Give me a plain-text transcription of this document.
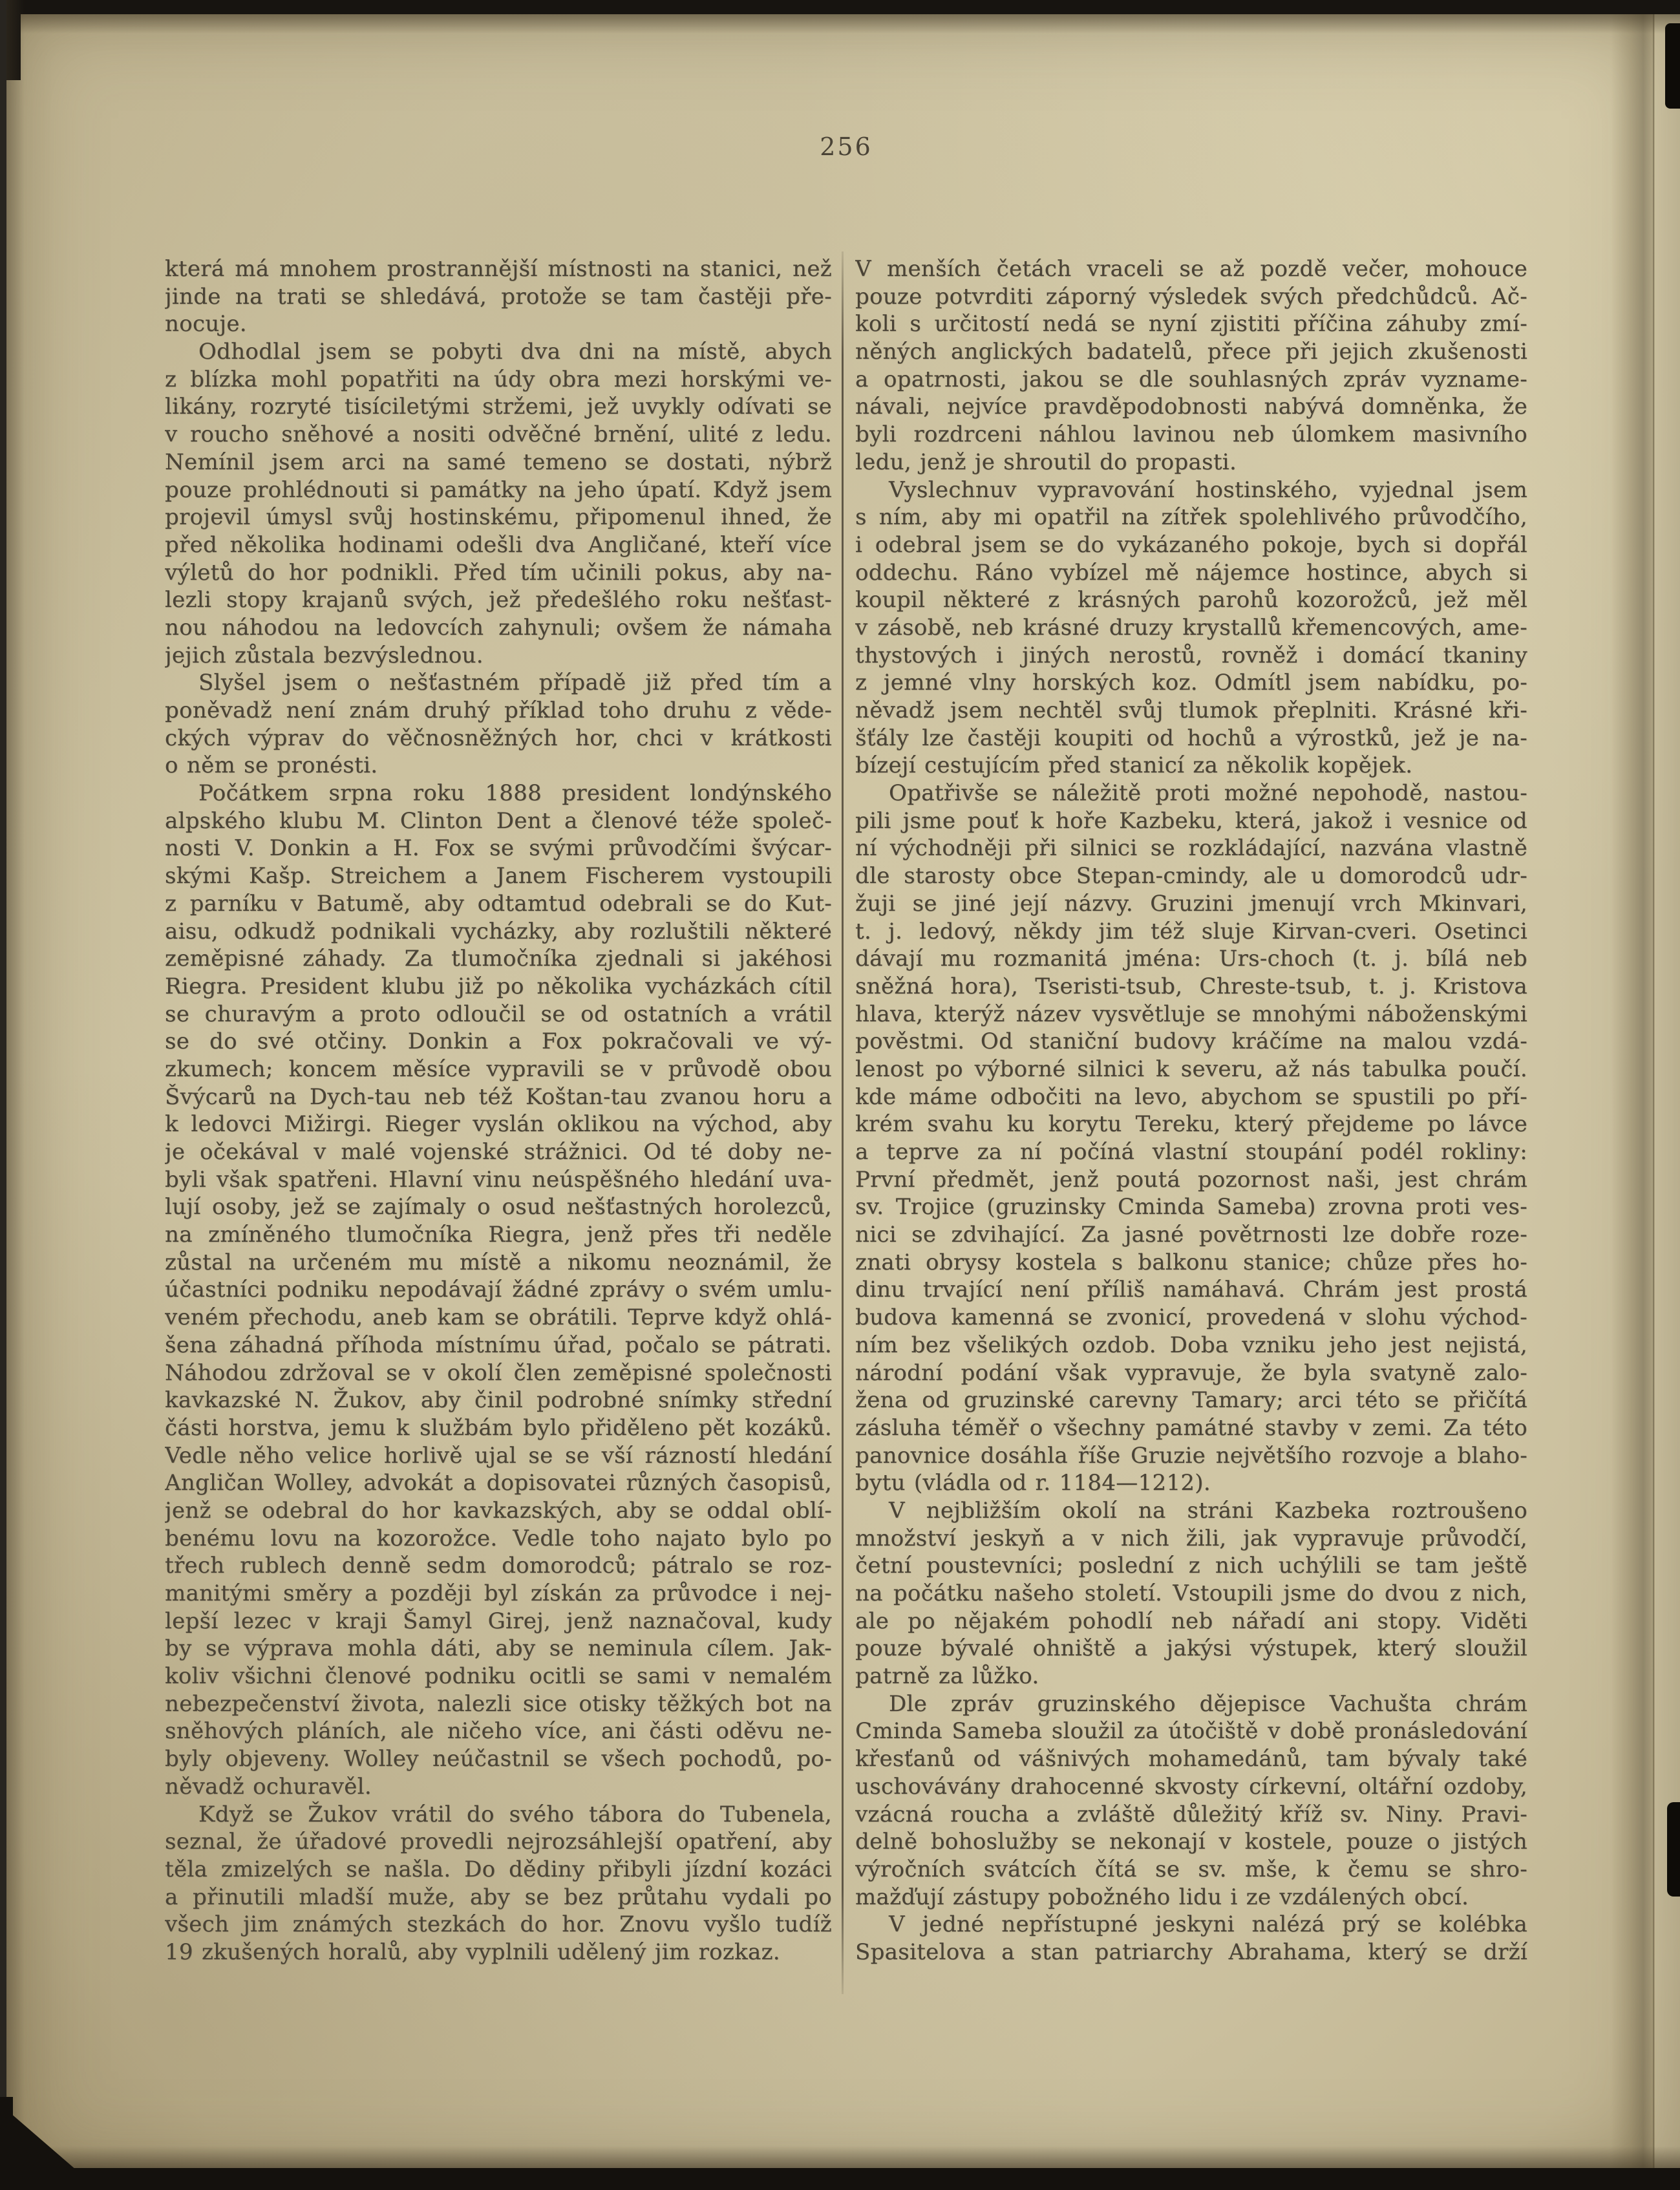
256
která má mnohem prostrannější místnosti na stanici, než
jinde na trati se shledává, protože se tam častěji pře-
nocuje.
Odhodlal jsem se pobyti dva dni na místě, abych
z blízka mohl popatřiti na údy obra mezi horskými ve-
likány, rozryté tisíciletými stržemi, jež uvykly odívati se
v roucho sněhové a nositi odvěčné brnění, ulité z ledu.
Nemínil jsem arci na samé temeno se dostati, nýbrž
pouze prohlédnouti si památky na jeho úpatí. Když jsem
projevil úmysl svůj hostinskému, připomenul ihned, že
před několika hodinami odešli dva Angličané, kteří více
výletů do hor podnikli. Před tím učinili pokus, aby na-
lezli stopy krajanů svých, jež předešlého roku nešťast-
nou náhodou na ledovcích zahynuli; ovšem že námaha
jejich zůstala bezvýslednou.
Slyšel jsem o nešťastném případě již před tím a
poněvadž není znám druhý příklad toho druhu z věde-
ckých výprav do věčnosněžných hor, chci v krátkosti
o něm se pronésti.
Počátkem srpna roku 1888 president londýnského
alpského klubu M. Clinton Dent a členové téže společ-
nosti V. Donkin a H. Fox se svými průvodčími švýcar-
skými Kašp. Streichem a Janem Fischerem vystoupili
z parníku v Batumě, aby odtamtud odebrali se do Kut-
aisu, odkudž podnikali vycházky, aby rozluštili některé
zeměpisné záhady. Za tlumočníka zjednali si jakéhosi
Riegra. President klubu již po několika vycházkách cítil
se churavým a proto odloučil se od ostatních a vrátil
se do své otčiny. Donkin a Fox pokračovali ve vý-
zkumech; koncem měsíce vypravili se v průvodě obou
Švýcarů na Dych-tau neb též Koštan-tau zvanou horu a
k ledovci Mižirgi. Rieger vyslán oklikou na východ, aby
je očekával v malé vojenské strážnici. Od té doby ne-
byli však spatřeni. Hlavní vinu neúspěšného hledání uva-
lují osoby, jež se zajímaly o osud nešťastných horolezců,
na zmíněného tlumočníka Riegra, jenž přes tři neděle
zůstal na určeném mu místě a nikomu neoznámil, že
účastníci podniku nepodávají žádné zprávy o svém umlu-
veném přechodu, aneb kam se obrátili. Teprve když ohlá-
šena záhadná příhoda místnímu úřad, počalo se pátrati.
Náhodou zdržoval se v okolí člen zeměpisné společnosti
kavkazské N. Žukov, aby činil podrobné snímky střední
části horstva, jemu k službám bylo přiděleno pět kozáků.
Vedle něho velice horlivě ujal se se vší rázností hledání
Angličan Wolley, advokát a dopisovatei různých časopisů,
jenž se odebral do hor kavkazských, aby se oddal oblí-
benému lovu na kozorožce. Vedle toho najato bylo po
třech rublech denně sedm domorodců; pátralo se roz-
manitými směry a později byl získán za průvodce i nej-
lepší lezec v kraji Šamyl Girej, jenž naznačoval, kudy
by se výprava mohla dáti, aby se neminula cílem. Jak-
koliv všichni členové podniku ocitli se sami v nemalém
nebezpečenství života, nalezli sice otisky těžkých bot na
sněhových pláních, ale ničeho více, ani části oděvu ne-
byly objeveny. Wolley neúčastnil se všech pochodů, po-
něvadž ochuravěl.
Když se Žukov vrátil do svého tábora do Tubenela,
seznal, že úřadové provedli nejrozsáhlejší opatření, aby
těla zmizelých se našla. Do dědiny přibyli jízdní kozáci
a přinutili mladší muže, aby se bez průtahu vydali po
všech jim známých stezkách do hor. Znovu vyšlo tudíž
19 zkušených horalů, aby vyplnili udělený jim rozkaz.
V menších četách vraceli se až pozdě večer, mohouce
pouze potvrditi záporný výsledek svých předchůdců. Ač-
koli s určitostí nedá se nyní zjistiti příčina záhuby zmí-
něných anglických badatelů, přece při jejich zkušenosti
a opatrnosti, jakou se dle souhlasných zpráv vyzname-
návali, nejvíce pravděpodobnosti nabývá domněnka, že
byli rozdrceni náhlou lavinou neb úlomkem masivního
ledu, jenž je shroutil do propasti.
Vyslechnuv vypravování hostinského, vyjednal jsem
s ním, aby mi opatřil na zítřek spolehlivého průvodčího,
i odebral jsem se do vykázaného pokoje, bych si dopřál
oddechu. Ráno vybízel mě nájemce hostince, abych si
koupil některé z krásných parohů kozorožců, jež měl
v zásobě, neb krásné druzy krystallů křemencových, ame-
thystových i jiných nerostů, rovněž i domácí tkaniny
z jemné vlny horských koz. Odmítl jsem nabídku, po-
něvadž jsem nechtěl svůj tlumok přeplniti. Krásné kři-
šťály lze častěji koupiti od hochů a výrostků, jež je na-
bízejí cestujícím před stanicí za několik kopějek.
Opatřivše se náležitě proti možné nepohodě, nastou-
pili jsme pouť k hoře Kazbeku, která, jakož i vesnice od
ní východněji při silnici se rozkládající, nazvána vlastně
dle starosty obce Stepan-cmindy, ale u domorodců udr-
žuji se jiné její názvy. Gruzini jmenují vrch Mkinvari,
t. j. ledový, někdy jim též sluje Kirvan-cveri. Osetinci
dávají mu rozmanitá jména: Urs-choch (t. j. bílá neb
sněžná hora), Tseristi-tsub, Chreste-tsub, t. j. Kristova
hlava, kterýž název vysvětluje se mnohými náboženskými
pověstmi. Od staniční budovy kráčíme na malou vzdá-
lenost po výborné silnici k severu, až nás tabulka poučí.
kde máme odbočiti na levo, abychom se spustili po pří-
krém svahu ku korytu Tereku, který přejdeme po lávce
a teprve za ní počíná vlastní stoupání podél rokliny:
První předmět, jenž poutá pozornost naši, jest chrám
sv. Trojice (gruzinsky Cminda Sameba) zrovna proti ves-
nici se zdvihající. Za jasné povětrnosti lze dobře roze-
znati obrysy kostela s balkonu stanice; chůze přes ho-
dinu trvající není příliš namáhavá. Chrám jest prostá
budova kamenná se zvonicí, provedená v slohu východ-
ním bez všelikých ozdob. Doba vzniku jeho jest nejistá,
národní podání však vypravuje, že byla svatyně zalo-
žena od gruzinské carevny Tamary; arci této se přičítá
zásluha téměř o všechny památné stavby v zemi. Za této
panovnice dosáhla říše Gruzie největšího rozvoje a blaho-
bytu (vládla od r. 1184—1212).
V nejbližším okolí na stráni Kazbeka roztroušeno
množství jeskyň a v nich žili, jak vypravuje průvodčí,
četní poustevníci; poslední z nich uchýlili se tam ještě
na počátku našeho století. Vstoupili jsme do dvou z nich,
ale po nějakém pohodlí neb nářadí ani stopy. Viděti
pouze bývalé ohniště a jakýsi výstupek, který sloužil
patrně za lůžko.
Dle zpráv gruzinského dějepisce Vachušta chrám
Cminda Sameba sloužil za útočiště v době pronásledování
křesťanů od vášnivých mohamedánů, tam bývaly také
uschovávány drahocenné skvosty církevní, oltářní ozdoby,
vzácná roucha a zvláště důležitý kříž sv. Niny. Pravi-
delně bohoslužby se nekonají v kostele, pouze o jistých
výročních svátcích čítá se sv. mše, k čemu se shro-
mažďují zástupy pobožného lidu i ze vzdálených obcí.
V jedné nepřístupné jeskyni nalézá prý se kolébka
Spasitelova a stan patriarchy Abrahama, který se drží
